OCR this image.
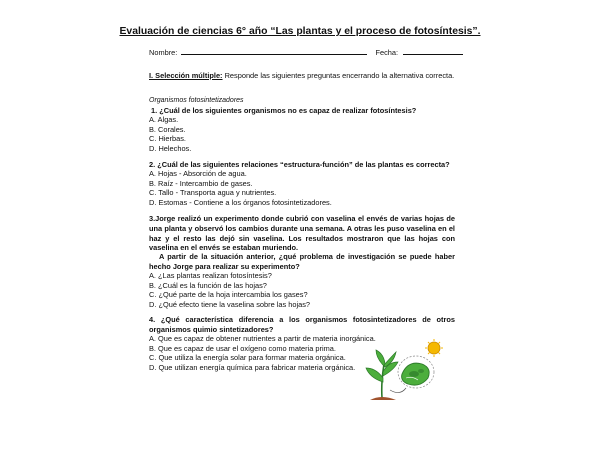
Evaluación de ciencias 6° año “Las plantas y el proceso de fotosíntesis”.
Nombre:	Fecha:
I. Selección múltiple: Responde las siguientes preguntas encerrando la alternativa correcta.
Organismos fotosintetizadores
1. ¿Cuál de los siguientes organismos no es capaz de realizar fotosíntesis?
A. Algas.
B. Corales.
C. Hierbas.
D. Helechos.
2. ¿Cuál de las siguientes relaciones “estructura-función” de las plantas es correcta?
A. Hojas - Absorción de agua.
B. Raíz - Intercambio de gases.
C. Tallo - Transporta agua y nutrientes.
D. Estomas - Contiene a los órganos fotosintetizadores.
3.Jorge realizó un experimento donde cubrió con vaselina el envés de varias hojas de una planta y observó los cambios durante una semana. A otras les puso vaselina en el haz y el resto las dejó sin vaselina. Los resultados mostraron que las hojas con vaselina en el envés se estaban muriendo.
A partir de la situación anterior, ¿qué problema de investigación se puede haber hecho Jorge para realizar su experimento?
A. ¿Las plantas realizan fotosíntesis?
B. ¿Cuál es la función de las hojas?
C. ¿Qué parte de la hoja intercambia los gases?
D. ¿Qué efecto tiene la vaselina sobre las hojas?
4. ¿Qué característica diferencia a los organismos fotosintetizadores de otros organismos quimio sintetizadores?
A. Que es capaz de obtener nutrientes a partir de materia inorgánica.
B. Que es capaz de usar el oxígeno como materia prima.
C. Que utiliza la energía solar para formar materia orgánica.
D. Que utilizan energía química para fabricar materia orgánica.
